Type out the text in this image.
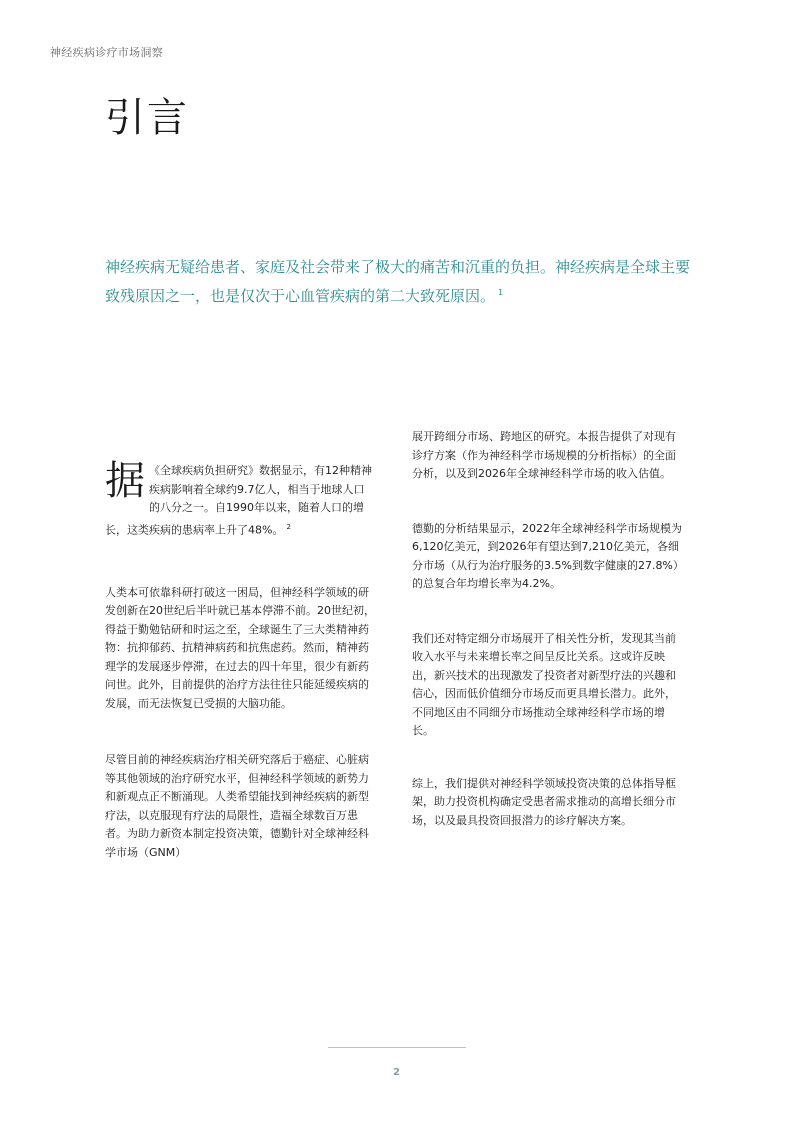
神经疾病诊疗市场洞察
引言
神经疾病无疑给患者、家庭及社会带来了极大的痛苦和沉重的负担。神经疾病是全球主要致残原因之一，也是仅次于心血管疾病的第二大致死原因。 $^1$

据 《全球疾病负担研究》数据显示，有12种精神疾病影响着全球约9.7亿人，相当于地球人口的八分之一。自1990年以来，随着人口的增长，这类疾病的患病率上升了48%。 $^2$

人类本可依靠科研打破这一困局，但神经科学领域的研发创新在20世纪后半叶就已基本停滞不前。20世纪初，得益于勤勉钻研和时运之至，全球诞生了三大类精神药物：抗抑郁药、抗精神病药和抗焦虑药。然而，精神药理学的发展逐步停滞，在过去的四十年里，很少有新药问世。此外，目前提供的治疗方法往往只能延缓疾病的发展，而无法恢复已受损的大脑功能。

尽管目前的神经疾病治疗相关研究落后于癌症、心脏病等其他领域的治疗研究水平，但神经科学领域的新势力和新观点正不断涌现。人类希望能找到神经疾病的新型疗法，以克服现有疗法的局限性，造福全球数百万患者。为助力新资本制定投资决策，德勤针对全球神经科学市场（GNM）

展开跨细分市场、跨地区的研究。本报告提供了对现有诊疗方案（作为神经科学市场规模的分析指标）的全面分析，以及到2026年全球神经科学市场的收入估值。

德勤的分析结果显示，2022年全球神经科学市场规模为6,120亿美元，到2026年有望达到7,210亿美元，各细分市场（从行为治疗服务的3.5%到数字健康的27.8%）的总复合年均增长率为4.2%。

我们还对特定细分市场展开了相关性分析，发现其当前收入水平与未来增长率之间呈反比关系。这或许反映出，新兴技术的出现激发了投资者对新型疗法的兴趣和信心，因而低价值细分市场反而更具增长潜力。此外，不同地区由不同细分市场推动全球神经科学市场的增长。

综上，我们提供对神经科学领域投资决策的总体指导框架，助力投资机构确定受患者需求推动的高增长细分市场，以及最具投资回报潜力的诊疗解决方案。

2
